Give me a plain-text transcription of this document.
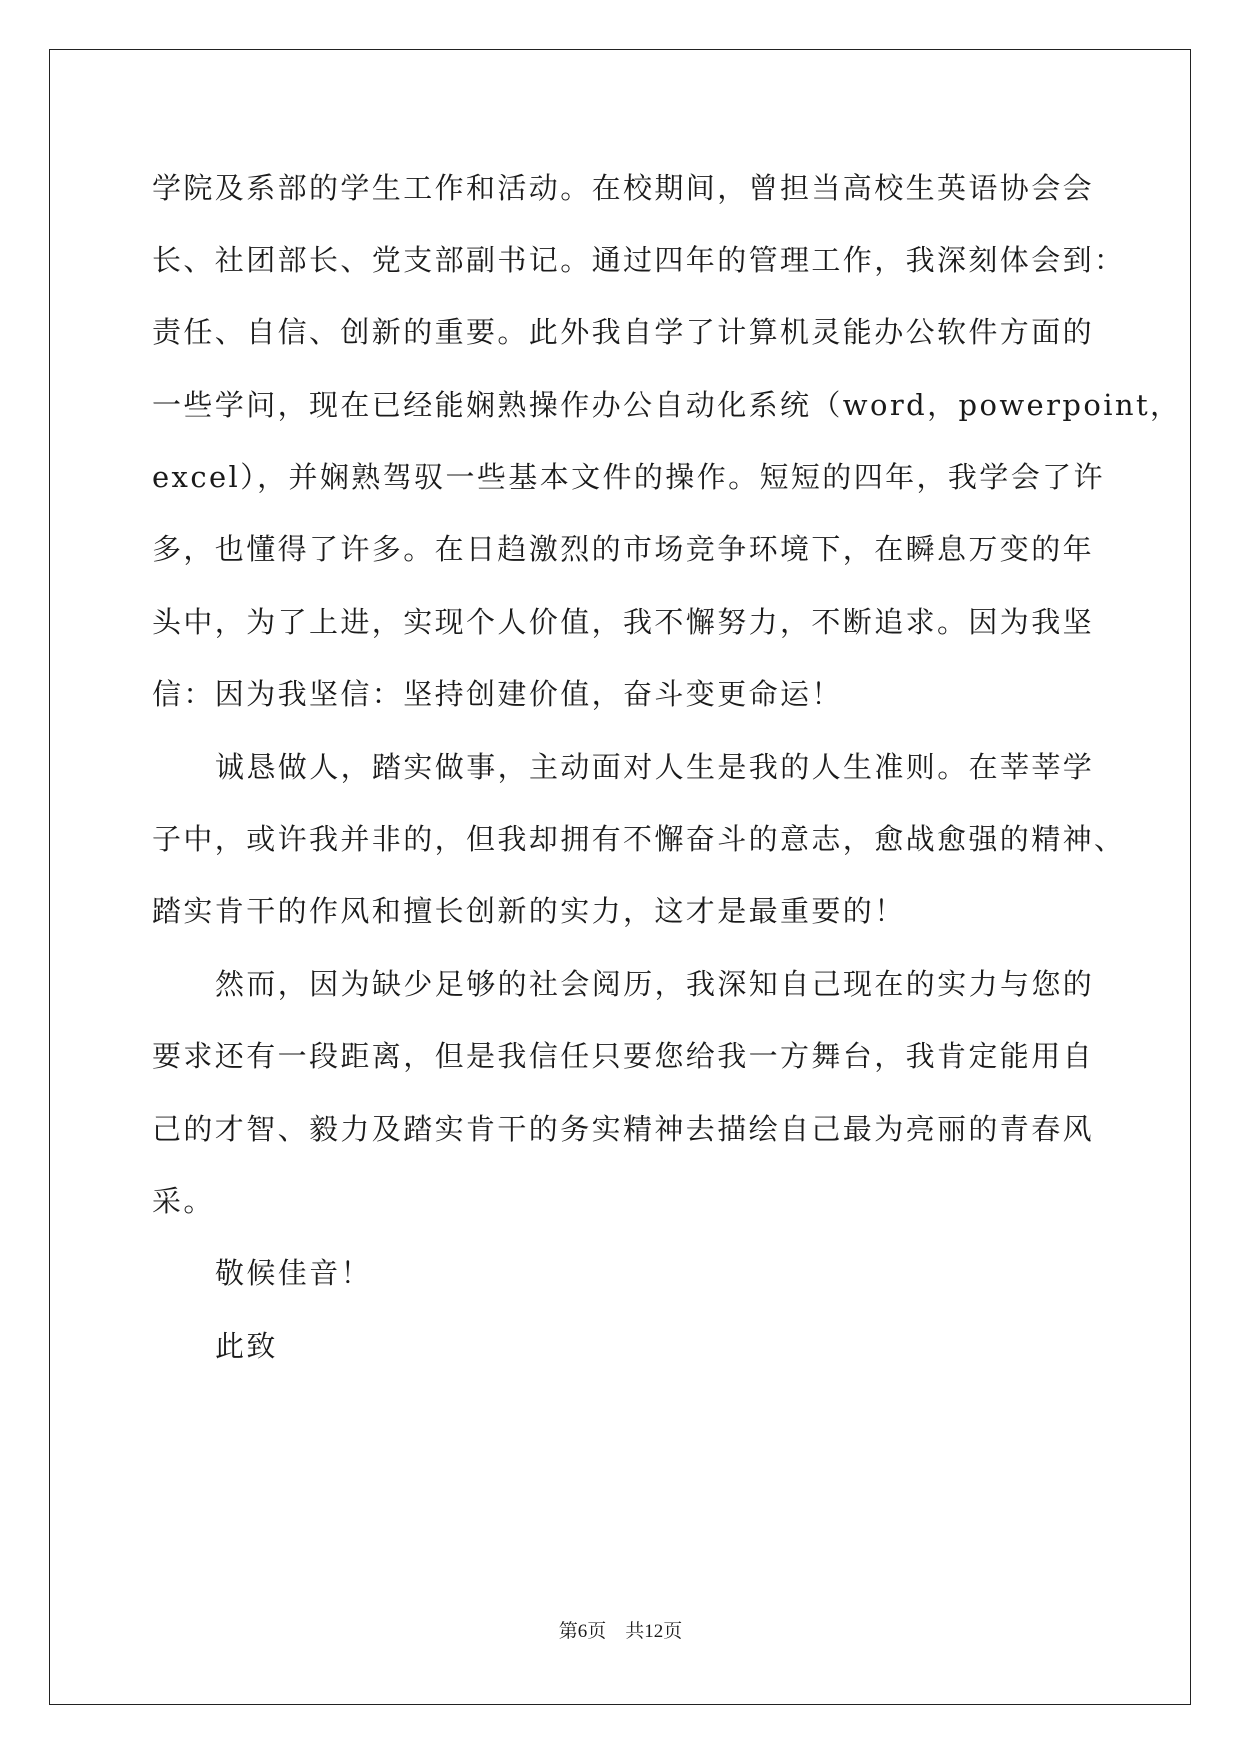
学院及系部的学生工作和活动。在校期间，曾担当高校生英语协会会
长、社团部长、党支部副书记。通过四年的管理工作，我深刻体会到：
责任、自信、创新的重要。此外我自学了计算机灵能办公软件方面的
一些学问，现在已经能娴熟操作办公自动化系统（word，powerpoint，
excel），并娴熟驾驭一些基本文件的操作。短短的四年，我学会了许
多，也懂得了许多。在日趋激烈的市场竞争环境下，在瞬息万变的年
头中，为了上进，实现个人价值，我不懈努力，不断追求。因为我坚
信：因为我坚信：坚持创建价值，奋斗变更命运！
诚恳做人，踏实做事，主动面对人生是我的人生准则。在莘莘学
子中，或许我并非的，但我却拥有不懈奋斗的意志，愈战愈强的精神、
踏实肯干的作风和擅长创新的实力，这才是最重要的！
然而，因为缺少足够的社会阅历，我深知自己现在的实力与您的
要求还有一段距离，但是我信任只要您给我一方舞台，我肯定能用自
己的才智、毅力及踏实肯干的务实精神去描绘自己最为亮丽的青春风
采。
敬候佳音！
此致
第6页 共12页
